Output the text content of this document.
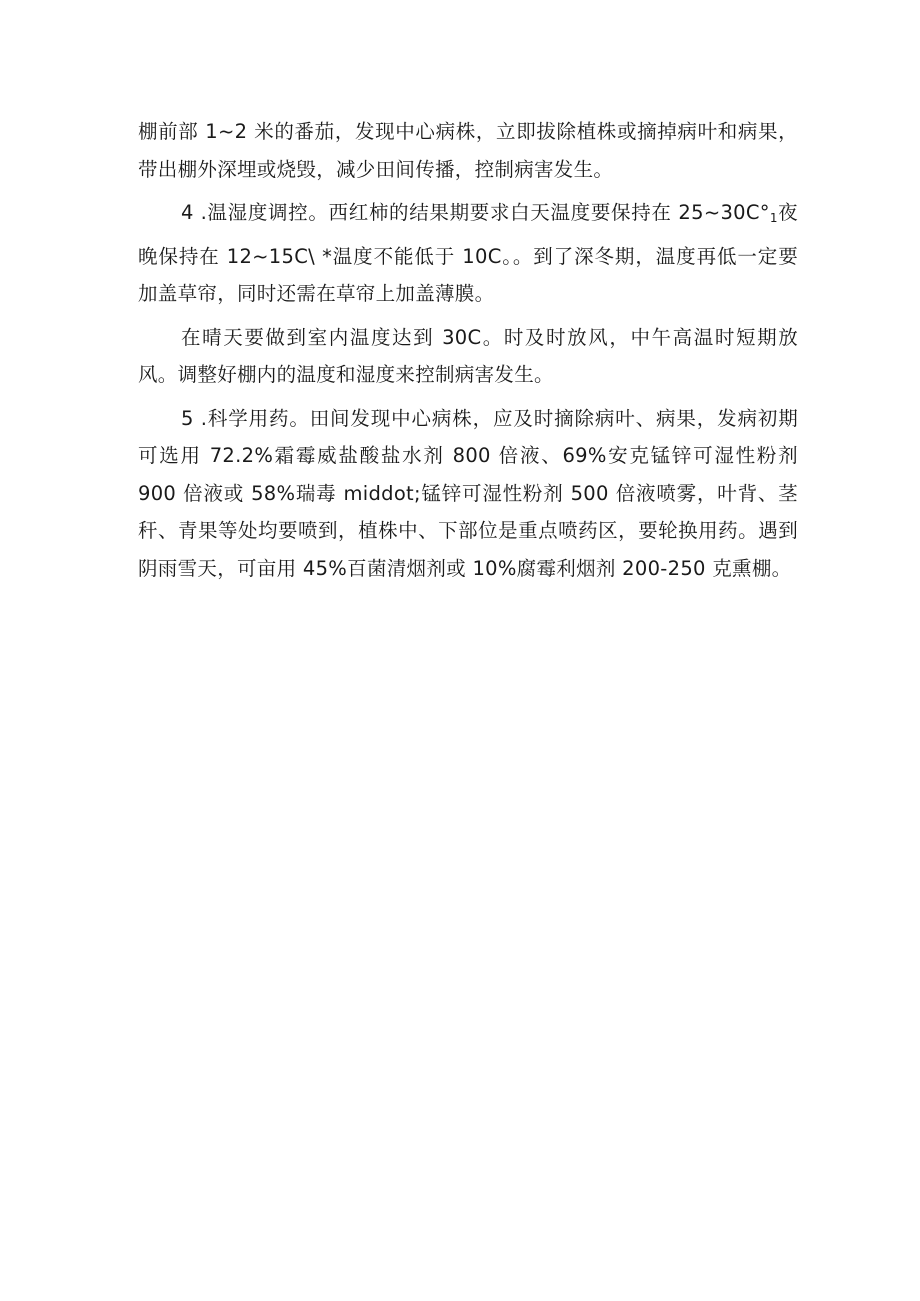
棚前部 1~2 米的番茄，发现中心病株，立即拔除植株或摘掉病叶和病果，带出棚外深埋或烧毁，减少田间传播，控制病害发生。

4 .温湿度调控。西红柿的结果期要求白天温度要保持在 $25\sim 30C^\circ_1$夜晚保持在 12~15C\ *温度不能低于 10C。。到了深冬期，温度再低一定要加盖草帘，同时还需在草帘上加盖薄膜。

在晴天要做到室内温度达到 30C。时及时放风，中午高温时短期放风。调整好棚内的温度和湿度来控制病害发生。

5 .科学用药。田间发现中心病株，应及时摘除病叶、病果，发病初期可选用 72.2%霜霉威盐酸盐水剂 800 倍液、69%安克锰锌可湿性粉剂 900 倍液或 58%瑞毒 middot;锰锌可湿性粉剂 500 倍液喷雾，叶背、茎秆、青果等处均要喷到，植株中、下部位是重点喷药区，要轮换用药。遇到阴雨雪天，可亩用 45%百菌清烟剂或 10%腐霉利烟剂 200-250 克熏棚。
